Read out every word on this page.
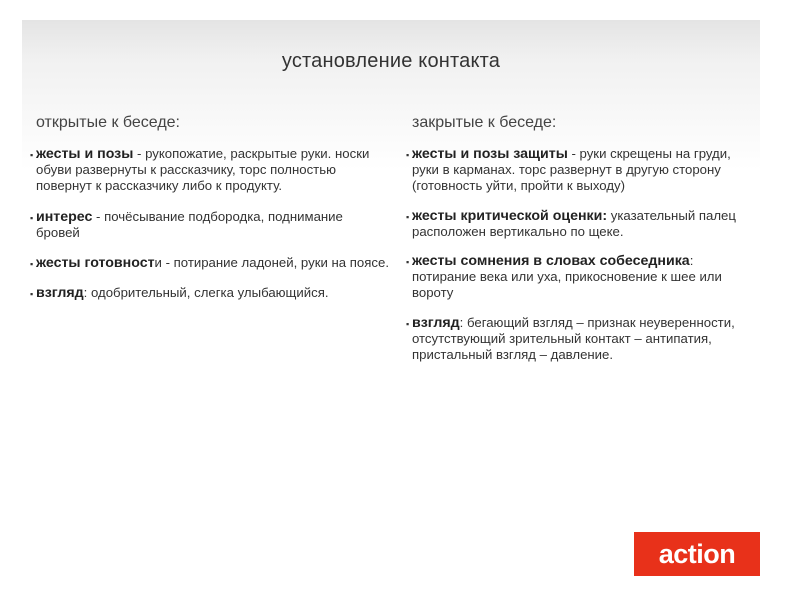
установление контакта

открытые к беседе:

▪ жесты и позы - рукопожатие, раскрытые руки. носки обуви развернуты к рассказчику, торс полностью повернут к рассказчику либо к продукту.
▪ интерес - почёсывание подбородка, поднимание бровей
▪ жесты готовности - потирание ладоней, руки на поясе.
▪ взгляд: одобрительный, слегка улыбающийся.

закрытые к беседе:

▪ жесты и позы защиты - руки скрещены на груди, руки в карманах. торс развернут в другую сторону (готовность уйти, пройти к выходу)
▪ жесты критической оценки: указательный палец расположен вертикально по щеке.
▪ жесты сомнения в словах собеседника: потирание века или уха, прикосновение к шее или вороту
▪ взгляд: бегающий взгляд – признак неуверенности, отсутствующий зрительный контакт – антипатия, пристальный взгляд – давление.
action
